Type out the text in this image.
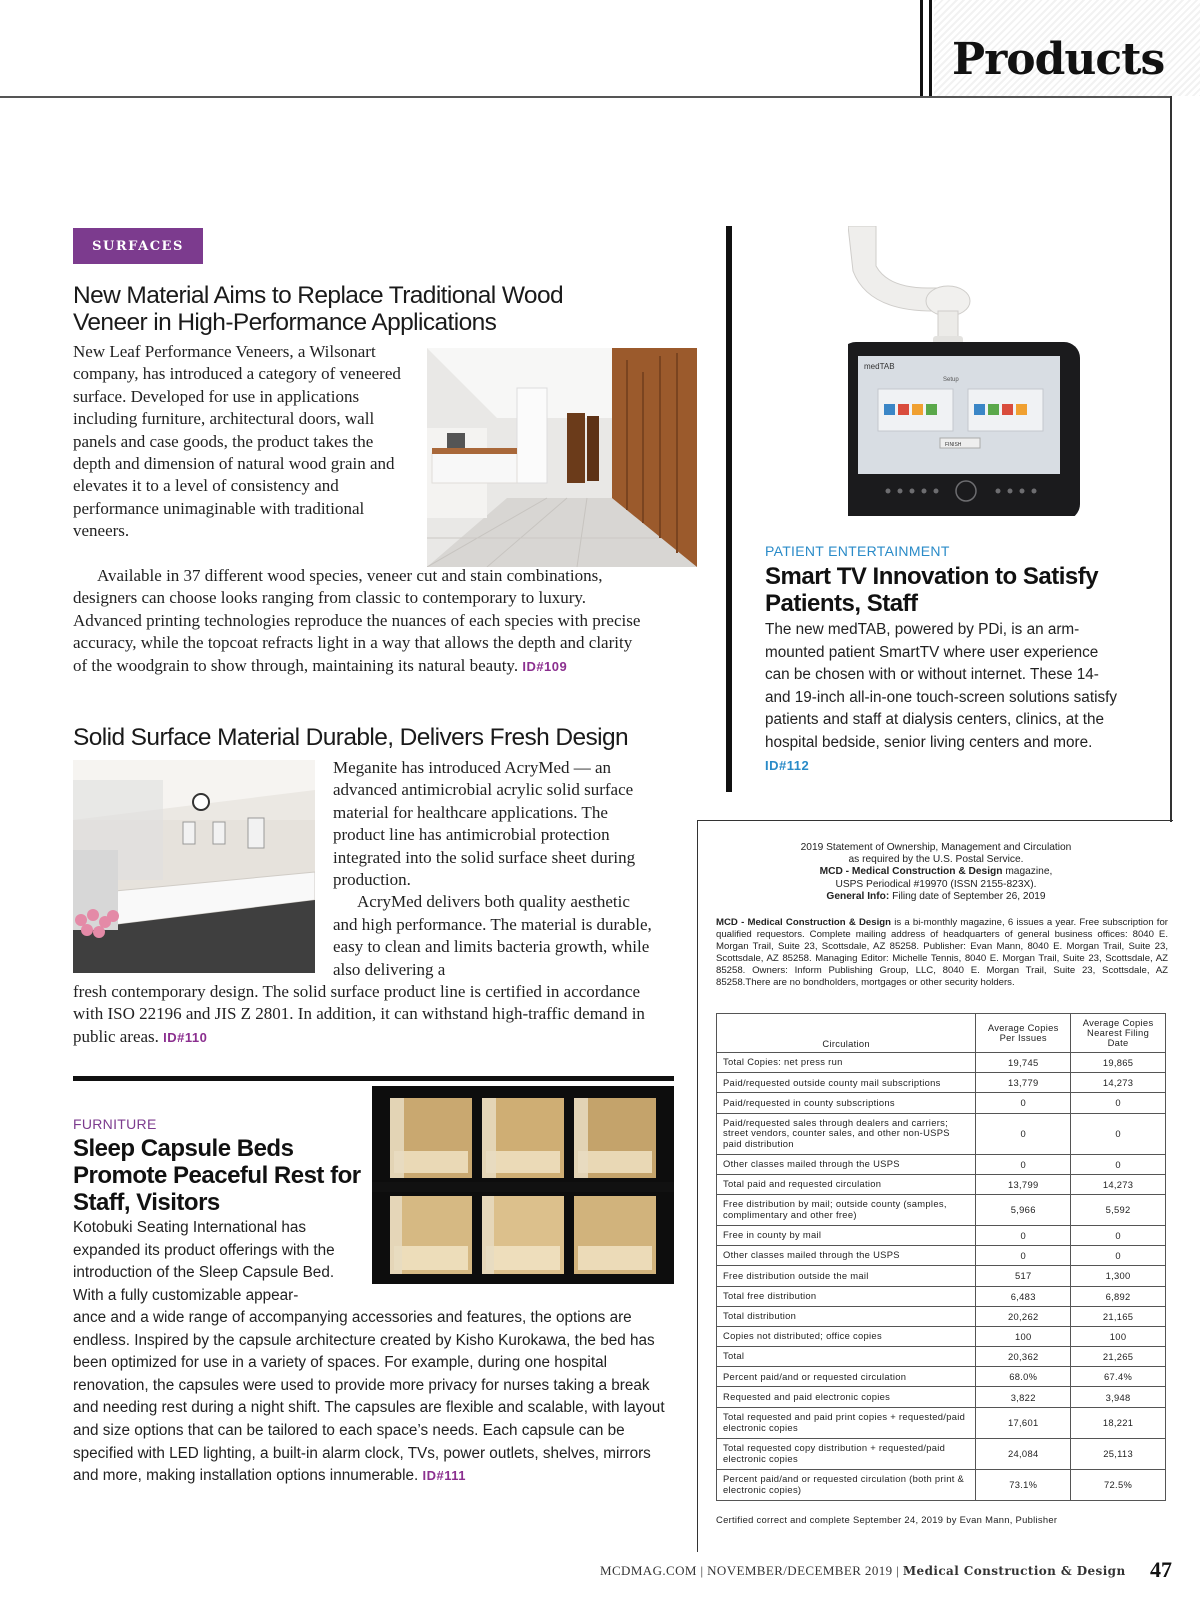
Products
SURFACES
New Material Aims to Replace Traditional Wood Veneer in High-Performance Applications
New Leaf Performance Veneers, a Wilsonart company, has introduced a category of veneered surface. Developed for use in applications including furniture, architectural doors, wall panels and case goods, the product takes the depth and dimension of natural wood grain and elevates it to a level of consistency and performance unimaginable with traditional veneers.
Available in 37 different wood species, veneer cut and stain combinations, designers can choose looks ranging from classic to contemporary to luxury. Advanced printing technologies reproduce the nuances of each species with precise accuracy, while the topcoat refracts light in a way that allows the depth and clarity of the woodgrain to show through, maintaining its natural beauty. ID#109
Solid Surface Material Durable, Delivers Fresh Design
Meganite has introduced AcryMed — an advanced antimicrobial acrylic solid surface material for healthcare applications. The product line has antimicrobial protection integrated into the solid surface sheet during production.
AcryMed delivers both quality aesthetic and high performance. The material is durable, easy to clean and limits bacteria growth, while also delivering a
fresh contemporary design. The solid surface product line is certified in accordance with ISO 22196 and JIS Z 2801. In addition, it can withstand high-traffic demand in public areas. ID#110
medTAB
Setup
FINISH
PATIENT ENTERTAINMENT
Smart TV Innovation to Satisfy Patients, Staff
The new medTAB, powered by PDi, is an arm-mounted patient SmartTV where user experience can be chosen with or without internet. These 14- and 19-inch all-in-one touch-screen solutions satisfy patients and staff at dialysis centers, clinics, at the hospital bedside, senior living centers and more. ID#112
FURNITURE
Sleep Capsule Beds Promote Peaceful Rest for Staff, Visitors
Kotobuki Seating International has expanded its product offerings with the introduction of the Sleep Capsule Bed. With a fully customizable appear-
ance and a wide range of accompanying accessories and features, the options are endless. Inspired by the capsule architecture created by Kisho Kurokawa, the bed has been optimized for use in a variety of spaces. For example, during one hospital renovation, the capsules were used to provide more privacy for nurses taking a break and needing rest during a night shift. The capsules are flexible and scalable, with layout and size options that can be tailored to each space’s needs. Each capsule can be specified with LED lighting, a built-in alarm clock, TVs, power outlets, shelves, mirrors and more, making installation options innumerable. ID#111
2019 Statement of Ownership, Management and Circulation
as required by the U.S. Postal Service.
MCD - Medical Construction & Design magazine,
USPS Periodical #19970 (ISSN 2155-823X).
General Info: Filing date of September 26, 2019
MCD - Medical Construction & Design is a bi-monthly magazine, 6 issues a year. Free subscription for qualified requestors. Complete mailing address of headquarters of general business offices: 8040 E. Morgan Trail, Suite 23, Scottsdale, AZ 85258. Publisher: Evan Mann, 8040 E. Morgan Trail, Suite 23, Scottsdale, AZ 85258. Managing Editor: Michelle Tennis, 8040 E. Morgan Trail, Suite 23, Scottsdale, AZ 85258. Owners: Inform Publishing Group, LLC, 8040 E. Morgan Trail, Suite 23, Scottsdale, AZ 85258.There are no bondholders, mortgages or other security holders.
Circulation	Average Copies Per Issues	Average Copies Nearest Filing Date
Total Copies: net press run	19,745	19,865
Paid/requested outside county mail subscriptions	13,779	14,273
Paid/requested in county subscriptions	0	0
Paid/requested sales through dealers and carriers; street vendors, counter sales, and other non-USPS paid distribution	0	0
Other classes mailed through the USPS	0	0
Total paid and requested circulation	13,799	14,273
Free distribution by mail; outside county (samples, complimentary and other free)	5,966	5,592
Free in county by mail	0	0
Other classes mailed through the USPS	0	0
Free distribution outside the mail	517	1,300
Total free distribution	6,483	6,892
Total distribution	20,262	21,165
Copies not distributed; office copies	100	100
Total	20,362	21,265
Percent paid/and or requested circulation	68.0%	67.4%
Requested and paid electronic copies	3,822	3,948
Total requested and paid print copies + requested/paid electronic copies	17,601	18,221
Total requested copy distribution + requested/paid electronic copies	24,084	25,113
Percent paid/and or requested circulation (both print & electronic copies)	73.1%	72.5%
Certified correct and complete September 24, 2019 by Evan Mann, Publisher
MCDMAG.COM | NOVEMBER/DECEMBER 2019 | Medical Construction & Design 47
